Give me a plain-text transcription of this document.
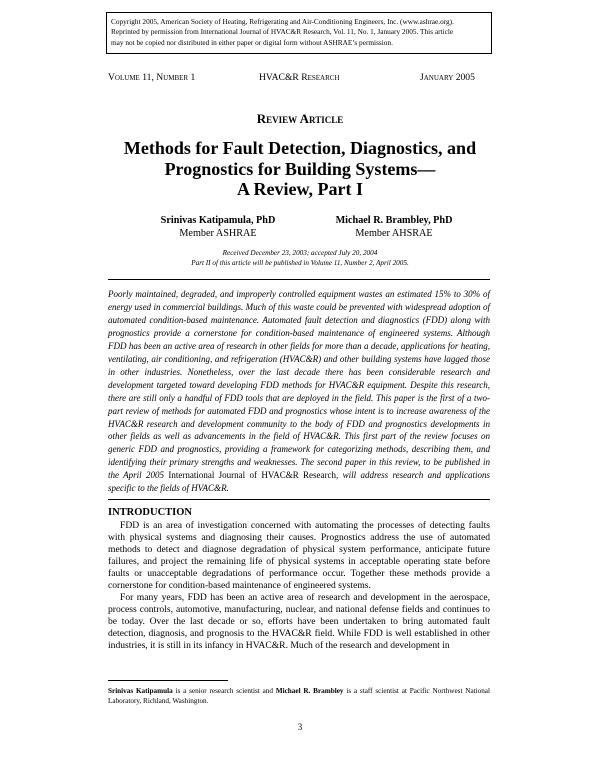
Copyright 2005, American Society of Heating, Refrigerating and Air-Conditioning Engineers, Inc. (www.ashrae.org).
Reprinted by permission from International Journal of HVAC&R Research, Vol. 11, No. 1, January 2005. This article
may not be copied nor distributed in either paper or digital form without ASHRAE’s permission.
Volume 11, Number 1	HVAC&R Research	January 2005
Review Article
Methods for Fault Detection, Diagnostics, and
Prognostics for Building Systems—
A Review, Part I
Srinivas Katipamula, PhD
Member ASHRAE
Michael R. Brambley, PhD
Member AHSRAE
Received December 23, 2003; accepted July 20, 2004
Part II of this article will be published in Volume 11, Number 2, April 2005.
Poorly maintained, degraded, and improperly controlled equipment wastes an estimated 15% to 30% of energy used in commercial buildings. Much of this waste could be prevented with widespread adoption of automated condition-based maintenance. Automated fault detection and diagnostics (FDD) along with prognostics provide a cornerstone for condition-based maintenance of engineered systems. Although FDD has been an active area of research in other fields for more than a decade, applications for heating, ventilating, air conditioning, and refrigeration (HVAC&R) and other building systems have lagged those in other industries. Nonetheless, over the last decade there has been considerable research and development targeted toward developing FDD methods for HVAC&R equipment. Despite this research, there are still only a handful of FDD tools that are deployed in the field. This paper is the first of a two-part review of methods for automated FDD and prognostics whose intent is to increase awareness of the HVAC&R research and development community to the body of FDD and prognostics developments in other fields as well as advancements in the field of HVAC&R. This first part of the review focuses on generic FDD and prognostics, providing a framework for categorizing methods, describing them, and identifying their primary strengths and weaknesses. The second paper in this review, to be published in the April 2005 International Journal of HVAC&R Research, will address research and applications specific to the fields of HVAC&R.
INTRODUCTION

FDD is an area of investigation concerned with automating the processes of detecting faults with physical systems and diagnosing their causes. Prognostics address the use of automated methods to detect and diagnose degradation of physical system performance, anticipate future failures, and project the remaining life of physical systems in acceptable operating state before faults or unacceptable degradations of performance occur. Together these methods provide a cornerstone for condition-based maintenance of engineered systems.

For many years, FDD has been an active area of research and development in the aerospace, process controls, automotive, manufacturing, nuclear, and national defense fields and continues to be today. Over the last decade or so, efforts have been undertaken to bring automated fault detection, diagnosis, and prognosis to the HVAC&R field. While FDD is well established in other industries, it is still in its infancy in HVAC&R. Much of the research and development in

Srinivas Katipamula is a senior research scientist and Michael R. Brambley is a staff scientist at Pacific Northwest National Laboratory, Richland, Washington.
3
